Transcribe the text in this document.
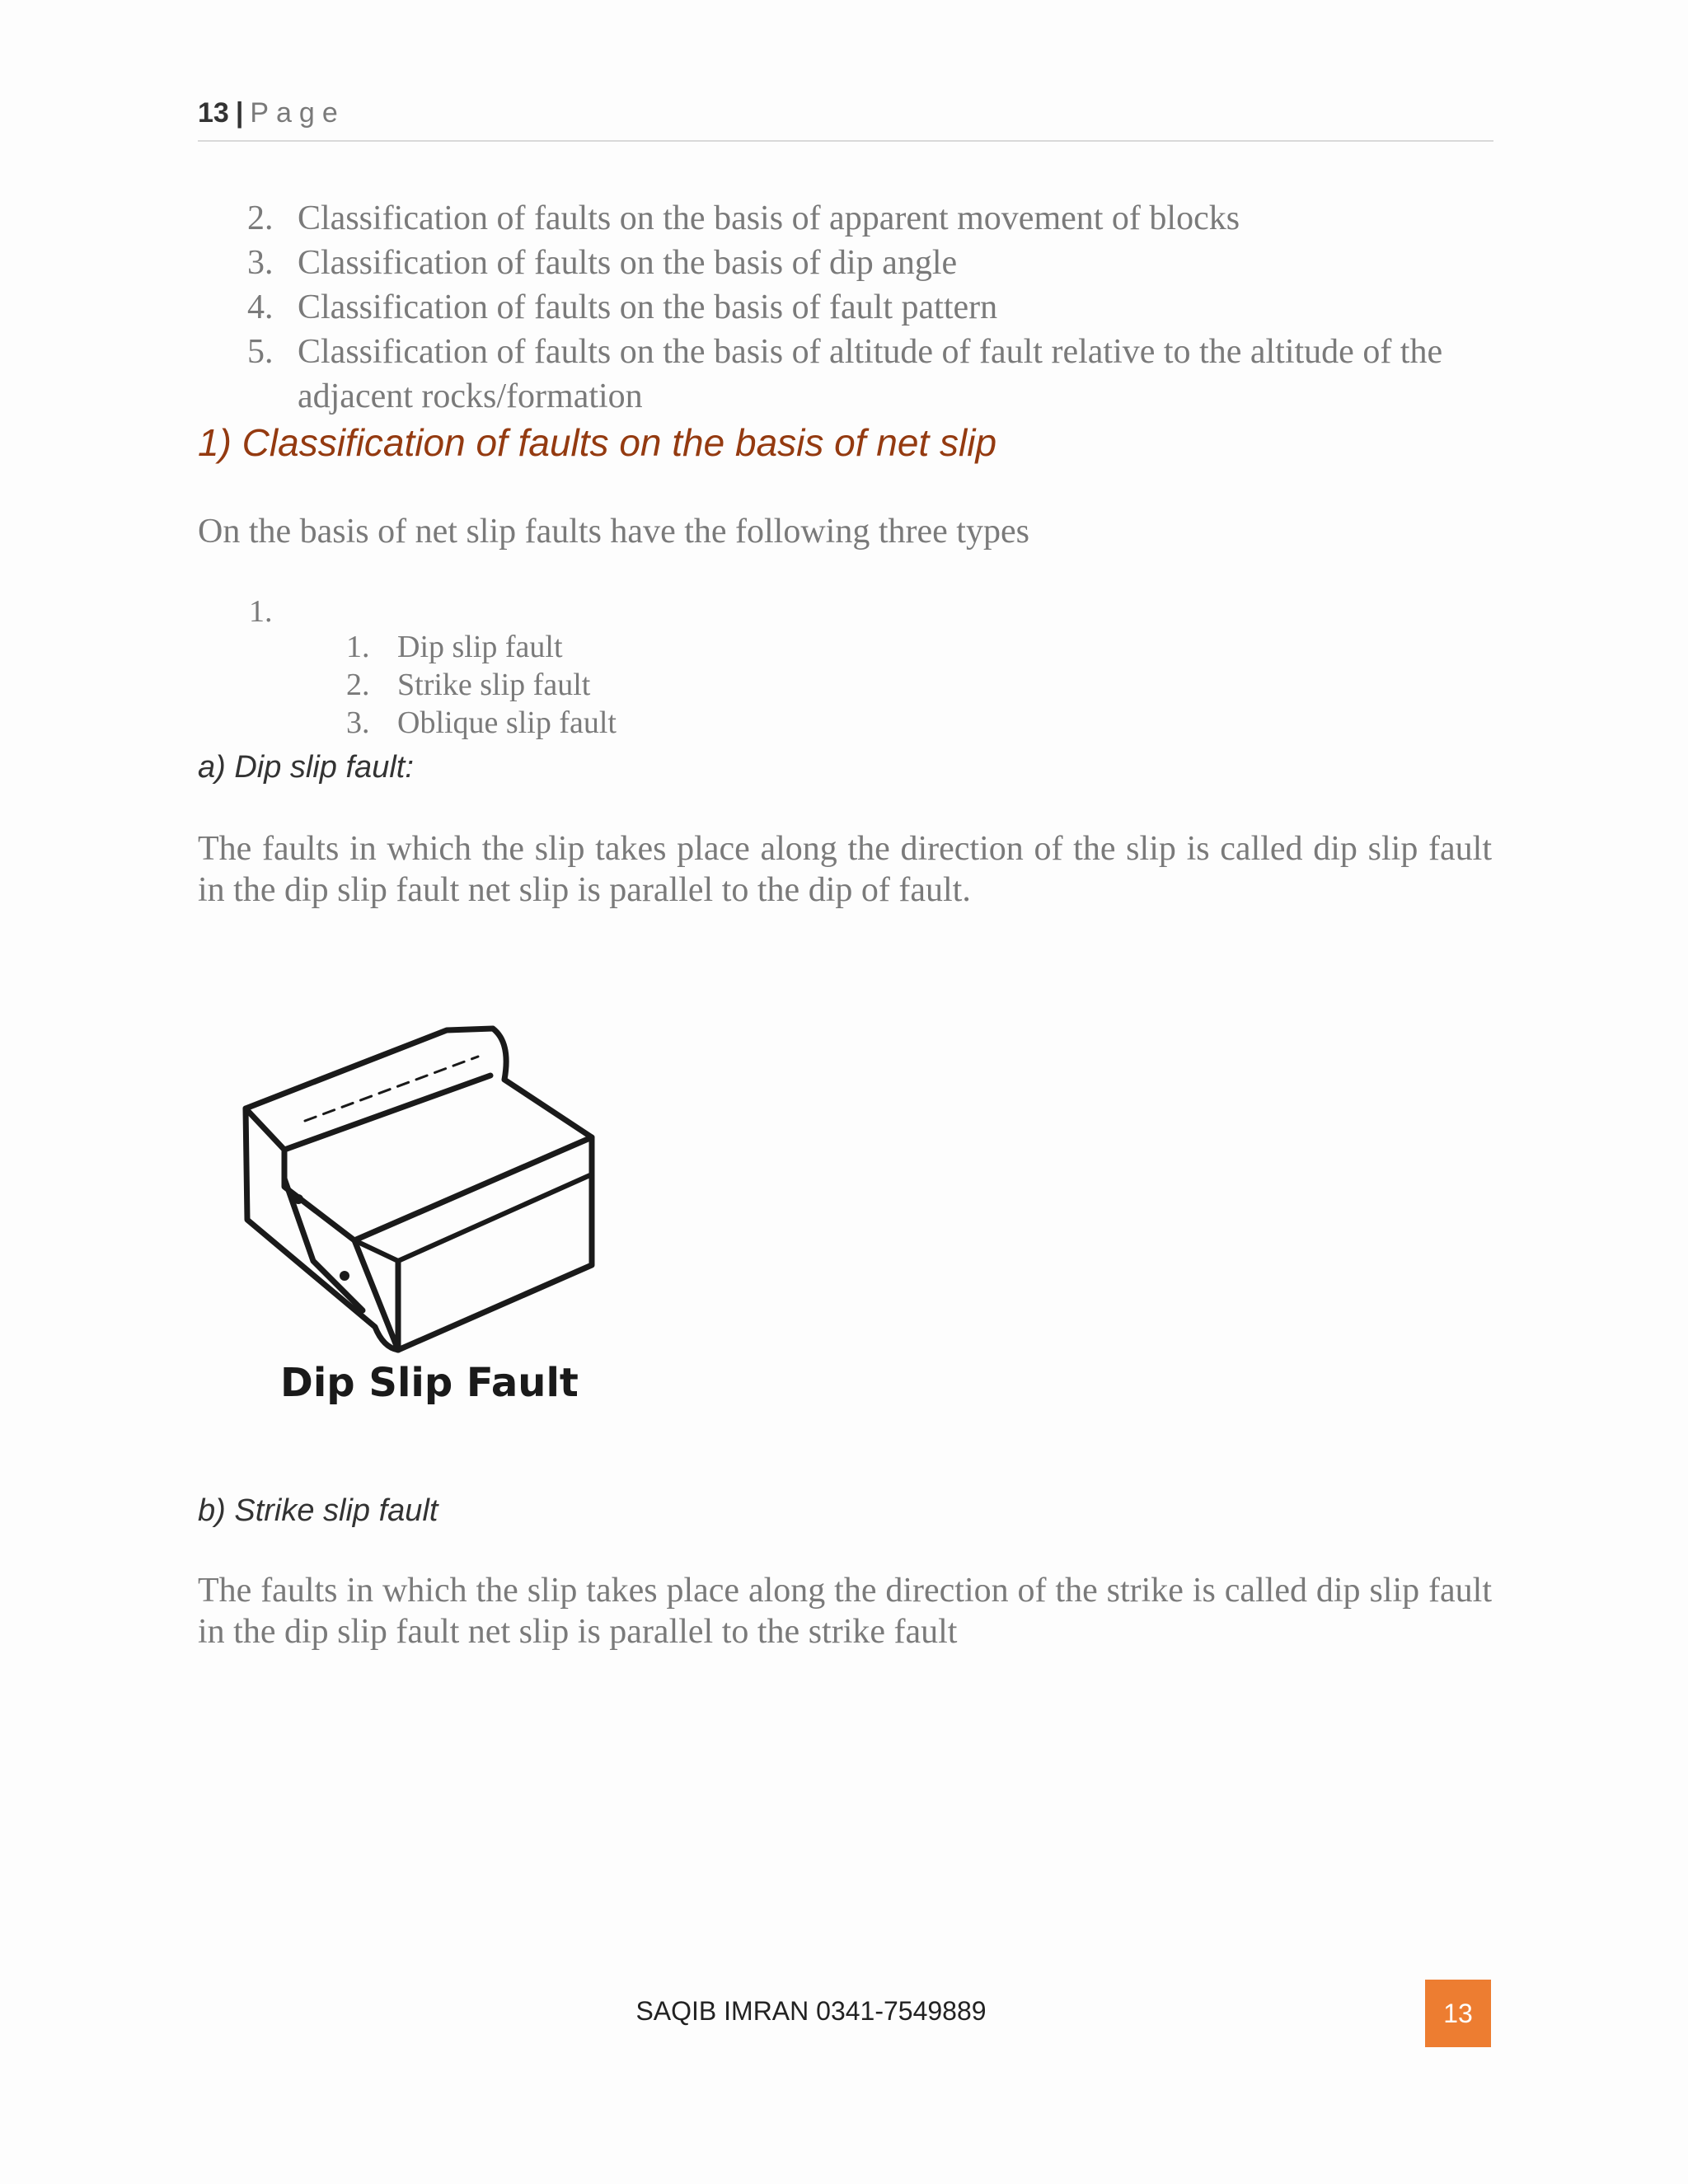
13 | Page
2. Classification of faults on the basis of apparent movement of blocks
3. Classification of faults on the basis of dip angle
4. Classification of faults on the basis of fault pattern
5. Classification of faults on the basis of altitude of fault relative to the altitude of the adjacent rocks/formation
1) Classification of faults on the basis of net slip

On the basis of net slip faults have the following three types

1.
1. Dip slip fault
2. Strike slip fault
3. Oblique slip fault
a) Dip slip fault:

The faults in which the slip takes place along the direction of the slip is called dip slip fault in the dip slip fault net slip is parallel to the dip of fault.

Dip Slip Fault
b) Strike slip fault

The faults in which the slip takes place along the direction of the strike is called dip slip fault in the dip slip fault net slip is parallel to the strike fault

SAQIB IMRAN 0341-7549889	13
